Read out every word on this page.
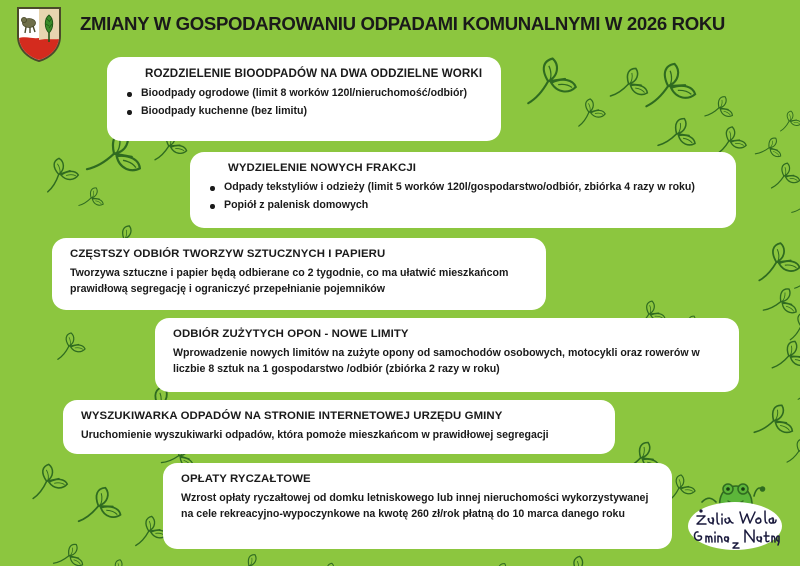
ZMIANY W GOSPODAROWANIU ODPADAMI KOMUNALNYMI W 2026 ROKU
ROZDZIELENIE BIOODPADÓW NA DWA ODDZIELNE WORKI
Bioodpady ogrodowe (limit 8 worków 120l/nieruchomość/odbiór)
Bioodpady kuchenne (bez limitu)
WYDZIELENIE NOWYCH FRAKCJI
Odpady tekstyliów i odzieży (limit 5 worków 120l/gospodarstwo/odbiór, zbiórka 4 razy w roku)
Popiół z palenisk domowych
CZĘSTSZY ODBIÓR TWORZYW SZTUCZNYCH I PAPIERU

Tworzywa sztuczne i papier będą odbierane co 2 tygodnie, co ma ułatwić mieszkańcom prawidłową segregację i ograniczyć przepełnianie pojemników

ODBIÓR ZUŻYTYCH OPON - NOWE LIMITY

Wprowadzenie nowych limitów na zużyte opony od samochodów osobowych, motocykli oraz rowerów w liczbie 8 sztuk na 1 gospodarstwo /odbiór (zbiórka 2 razy w roku)

WYSZUKIWARKA ODPADÓW NA STRONIE INTERNETOWEJ URZĘDU GMINY

Uruchomienie wyszukiwarki odpadów, która pomoże mieszkańcom w prawidłowej segregacji

OPŁATY RYCZAŁTOWE

Wzrost opłaty ryczałtowej od domku letniskowego lub innej nieruchomości wykorzystywanej na cele rekreacyjno-wypoczynkowe na kwotę 260 zł/rok płatną do 10 marca danego roku
